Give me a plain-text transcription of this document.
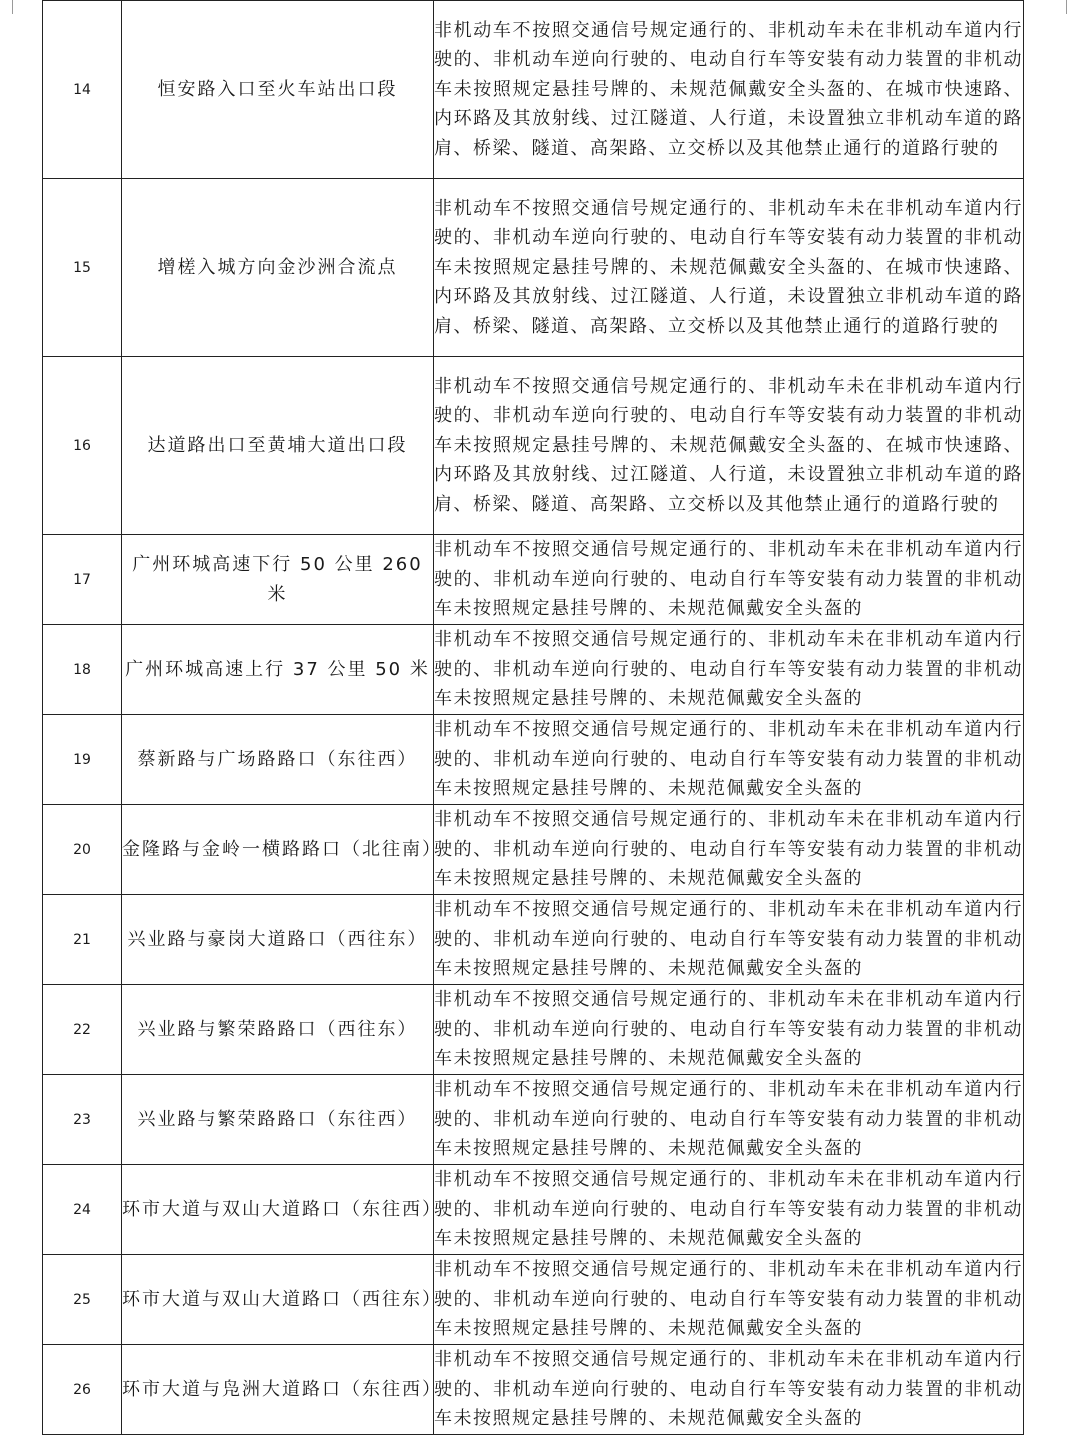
14	恒安路入口至火车站出口段	非机动车不按照交通信号规定通行的、非机动车未在非机动车道内行驶的、非机动车逆向行驶的、电动自行车等安装有动力装置的非机动车未按照规定悬挂号牌的、未规范佩戴安全头盔的、在城市快速路、内环路及其放射线、过江隧道、人行道，未设置独立非机动车道的路肩、桥梁、隧道、高架路、立交桥以及其他禁止通行的道路行驶的
15	增槎入城方向金沙洲合流点	非机动车不按照交通信号规定通行的、非机动车未在非机动车道内行驶的、非机动车逆向行驶的、电动自行车等安装有动力装置的非机动车未按照规定悬挂号牌的、未规范佩戴安全头盔的、在城市快速路、内环路及其放射线、过江隧道、人行道，未设置独立非机动车道的路肩、桥梁、隧道、高架路、立交桥以及其他禁止通行的道路行驶的
16	达道路出口至黄埔大道出口段	非机动车不按照交通信号规定通行的、非机动车未在非机动车道内行驶的、非机动车逆向行驶的、电动自行车等安装有动力装置的非机动车未按照规定悬挂号牌的、未规范佩戴安全头盔的、在城市快速路、内环路及其放射线、过江隧道、人行道，未设置独立非机动车道的路肩、桥梁、隧道、高架路、立交桥以及其他禁止通行的道路行驶的
17	广州环城高速下行 50 公里 260 米	非机动车不按照交通信号规定通行的、非机动车未在非机动车道内行驶的、非机动车逆向行驶的、电动自行车等安装有动力装置的非机动车未按照规定悬挂号牌的、未规范佩戴安全头盔的
18	广州环城高速上行 37 公里 50 米	非机动车不按照交通信号规定通行的、非机动车未在非机动车道内行驶的、非机动车逆向行驶的、电动自行车等安装有动力装置的非机动车未按照规定悬挂号牌的、未规范佩戴安全头盔的
19	蔡新路与广场路路口（东往西）	非机动车不按照交通信号规定通行的、非机动车未在非机动车道内行驶的、非机动车逆向行驶的、电动自行车等安装有动力装置的非机动车未按照规定悬挂号牌的、未规范佩戴安全头盔的
20	金隆路与金岭一横路路口（北往南）	非机动车不按照交通信号规定通行的、非机动车未在非机动车道内行驶的、非机动车逆向行驶的、电动自行车等安装有动力装置的非机动车未按照规定悬挂号牌的、未规范佩戴安全头盔的
21	兴业路与豪岗大道路口（西往东）	非机动车不按照交通信号规定通行的、非机动车未在非机动车道内行驶的、非机动车逆向行驶的、电动自行车等安装有动力装置的非机动车未按照规定悬挂号牌的、未规范佩戴安全头盔的
22	兴业路与繁荣路路口（西往东）	非机动车不按照交通信号规定通行的、非机动车未在非机动车道内行驶的、非机动车逆向行驶的、电动自行车等安装有动力装置的非机动车未按照规定悬挂号牌的、未规范佩戴安全头盔的
23	兴业路与繁荣路路口（东往西）	非机动车不按照交通信号规定通行的、非机动车未在非机动车道内行驶的、非机动车逆向行驶的、电动自行车等安装有动力装置的非机动车未按照规定悬挂号牌的、未规范佩戴安全头盔的
24	环市大道与双山大道路口（东往西）	非机动车不按照交通信号规定通行的、非机动车未在非机动车道内行驶的、非机动车逆向行驶的、电动自行车等安装有动力装置的非机动车未按照规定悬挂号牌的、未规范佩戴安全头盔的
25	环市大道与双山大道路口（西往东）	非机动车不按照交通信号规定通行的、非机动车未在非机动车道内行驶的、非机动车逆向行驶的、电动自行车等安装有动力装置的非机动车未按照规定悬挂号牌的、未规范佩戴安全头盔的
26	环市大道与凫洲大道路口（东往西）	非机动车不按照交通信号规定通行的、非机动车未在非机动车道内行驶的、非机动车逆向行驶的、电动自行车等安装有动力装置的非机动车未按照规定悬挂号牌的、未规范佩戴安全头盔的
